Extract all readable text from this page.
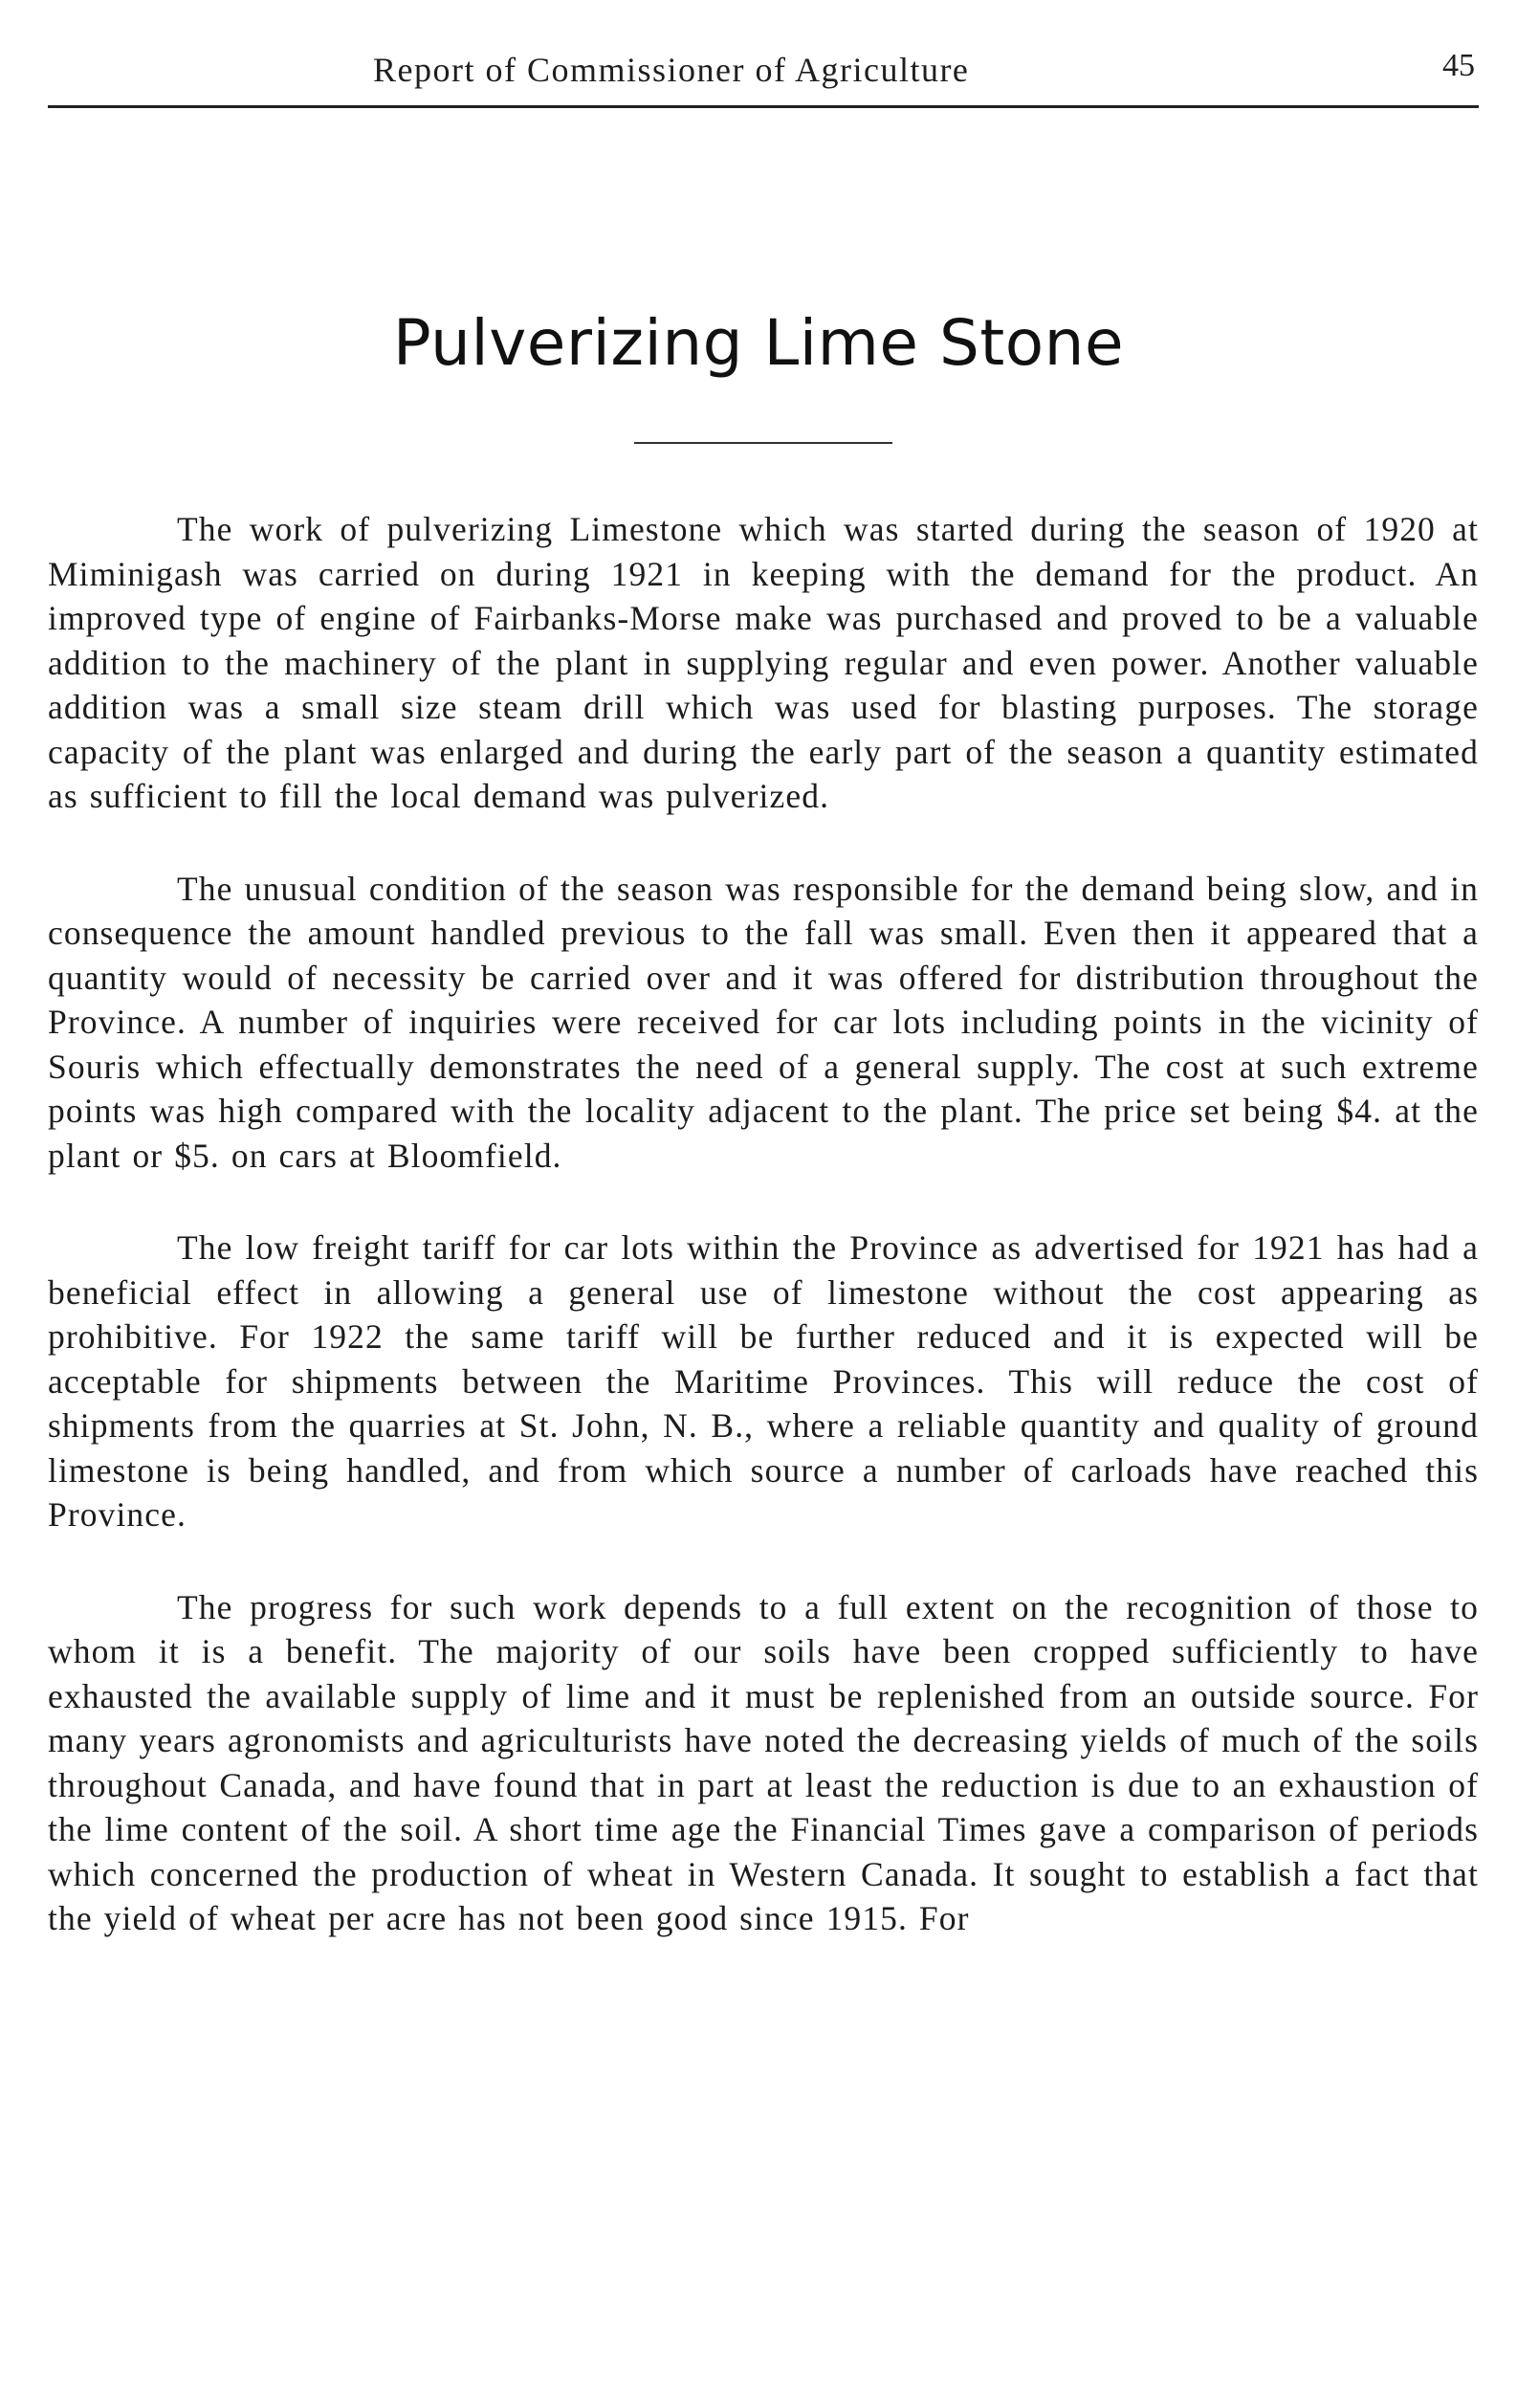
Report of Commissioner of Agriculture	45
Pulverizing Lime Stone

The work of pulverizing Limestone which was started during the season of 1920 at Miminigash was carried on during 1921 in keeping with the demand for the product. An improved type of engine of Fairbanks-Morse make was purchased and proved to be a valuable addition to the machinery of the plant in supplying regular and even power. Another valuable addition was a small size steam drill which was used for blasting purposes. The storage capacity of the plant was enlarged and during the early part of the season a quantity estimated as sufficient to fill the local demand was pulverized.

The unusual condition of the season was responsible for the demand being slow, and in consequence the amount handled previous to the fall was small. Even then it appeared that a quantity would of necessity be carried over and it was offered for distribution throughout the Province. A number of inquiries were received for car lots including points in the vicinity of Souris which effectually demonstrates the need of a general supply. The cost at such extreme points was high compared with the locality adjacent to the plant. The price set being $4. at the plant or $5. on cars at Bloomfield.

The low freight tariff for car lots within the Province as advertised for 1921 has had a beneficial effect in allowing a general use of limestone without the cost appearing as prohibitive. For 1922 the same tariff will be further reduced and it is expected will be acceptable for shipments between the Maritime Provinces. This will reduce the cost of shipments from the quarries at St. John, N. B., where a reliable quantity and quality of ground limestone is being handled, and from which source a number of carloads have reached this Province.

The progress for such work depends to a full extent on the recognition of those to whom it is a benefit. The majority of our soils have been cropped sufficiently to have exhausted the available supply of lime and it must be replenished from an outside source. For many years agronomists and agriculturists have noted the decreasing yields of much of the soils throughout Canada, and have found that in part at least the reduction is due to an exhaustion of the lime content of the soil. A short time age the Financial Times gave a comparison of periods which concerned the production of wheat in Western Canada. It sought to establish a fact that the yield of wheat per acre has not been good since 1915. For
